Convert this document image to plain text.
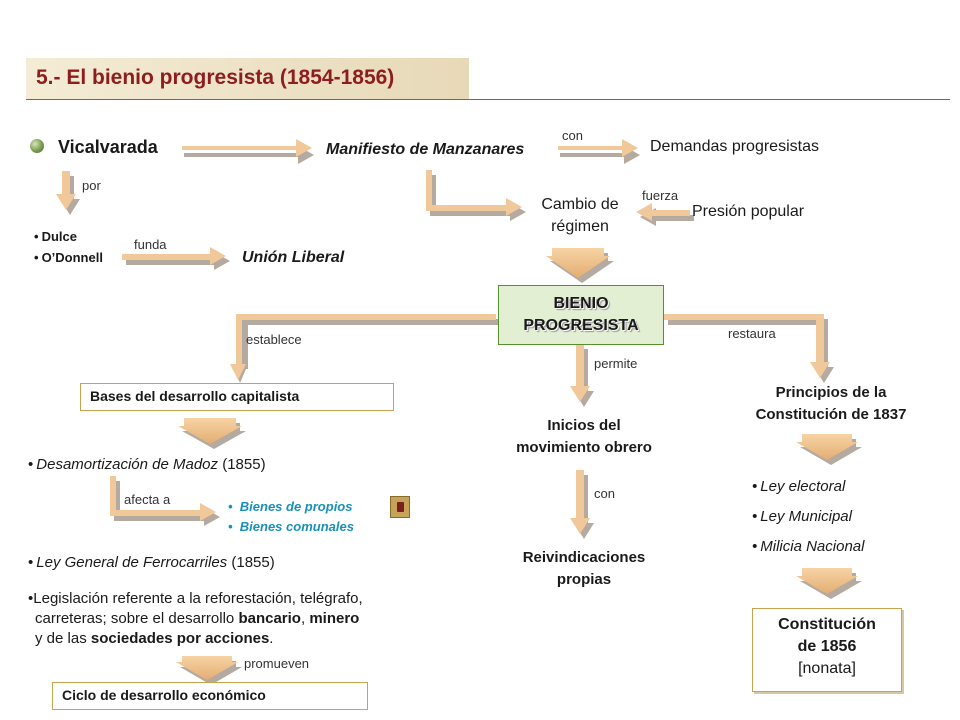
5.- El bienio progresista (1854-1856)
Vicalvarada	Manifiesto de Manzanares
con
Demandas progresistas
Cambio de
régimen
fuerza
Presión popular
por
• Dulce
• O’Donnell
funda
Unión Liberal
BIENIO
PROGRESISTA
establece
permite
restaura
Bases del desarrollo capitalista
• Desamortización de Madoz (1855)
afecta a	•  Bienes de propios
•  Bienes comunales
• Ley General de Ferrocarriles (1855)
•Legislación referente a la reforestación, telégrafo,
carreteras; sobre el desarrollo bancario, minero
y de las sociedades por acciones.
promueven
Ciclo de desarrollo económico
Inicios del
movimiento obrero
con
Reivindicaciones
propias
Principios de la
Constitución de 1837
• Ley electoral
• Ley Municipal
• Milicia Nacional
Constitución
de 1856
[nonata]
